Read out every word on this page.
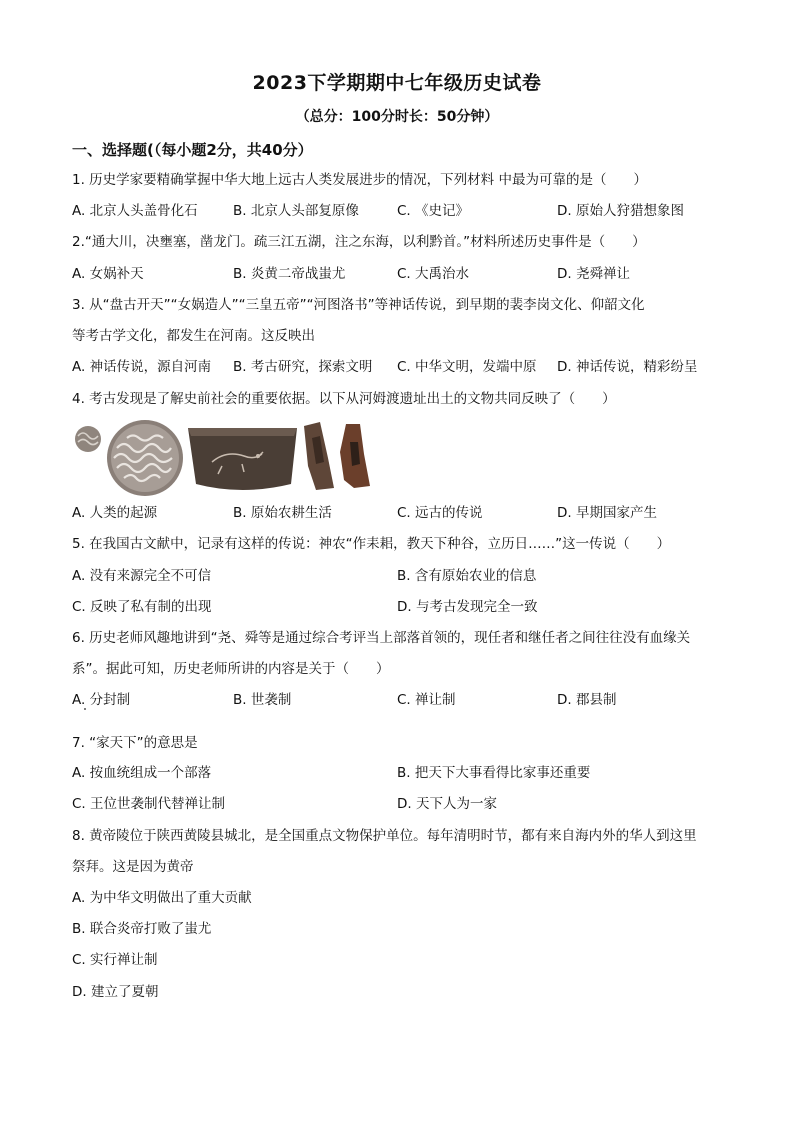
2023下学期期中七年级历史试卷
（总分：100分时长：50分钟）
一、选择题(（每小题2分，共40分）
1. 历史学家要精确掌握中华大地上远古人类发展进步的情况，下列材料 中最为可靠的是（　　）
A. 北京人头盖骨化石	B. 北京人头部复原像	C. 《史记》	D. 原始人狩猎想象图
2.“通大川，决壅塞，凿龙门。疏三江五湖，注之东海，以利黔首。”材料所述历史事件是（　　）
A. 女娲补天	B. 炎黄二帝战蚩尤	C. 大禹治水	D. 尧舜禅让
3. 从“盘古开天”“女娲造人”“三皇五帝”“河图洛书”等神话传说，到早期的裴李岗文化、仰韶文化
等考古学文化，都发生在河南。这反映出
A. 神话传说，源自河南 B. 考古研究，探索文明 C. 中华文明，发端中原 D. 神话传说，精彩纷呈
4. 考古发现是了解史前社会的重要依据。以下从河姆渡遗址出土的文物共同反映了（　　）
A. 人类的起源	B. 原始农耕生活	C. 远古的传说	D. 早期国家产生
5. 在我国古文献中，记录有这样的传说：神农“作耒耜，教天下种谷，立历日……”这一传说（　　）
A. 没有来源完全不可信	B. 含有原始农业的信息
C. 反映了私有制的出现	D. 与考古发现完全一致
6. 历史老师风趣地讲到“尧、舜等是通过综合考评当上部落首领的，现任者和继任者之间往往没有血缘关
系”。据此可知，历史老师所讲的内容是关于（　　）
A. 分封制	B. 世袭制	C. 禅让制	D. 郡县制
7. “家天下”的意思是
A. 按血统组成一个部落	B. 把天下大事看得比家事还重要
C. 王位世袭制代替禅让制	D. 天下人为一家
8. 黄帝陵位于陕西黄陵县城北，是全国重点文物保护单位。每年清明时节，都有来自海内外的华人到这里
祭拜。这是因为黄帝
A. 为中华文明做出了重大贡献
B. 联合炎帝打败了蚩尤
C. 实行禅让制
D. 建立了夏朝
